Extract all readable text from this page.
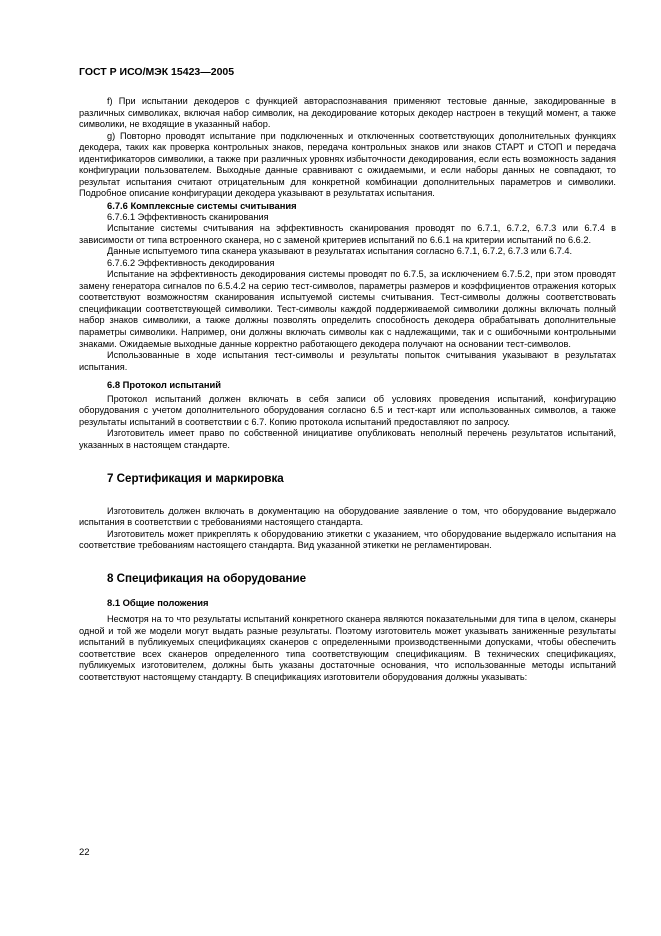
ГОСТ Р ИСО/МЭК 15423—2005

f) При испытании декодеров с функцией автораспознавания применяют тестовые данные, закодированные в различных символиках, включая набор символик, на декодирование которых декодер настроен в текущий момент, а также символики, не входящие в указанный набор.

g) Повторно проводят испытание при подключенных и отключенных соответствующих дополнительных функциях декодера, таких как проверка контрольных знаков, передача контрольных знаков или знаков СТАРТ и СТОП и передача идентификаторов символики, а также при различных уровнях избыточности декодирования, если есть возможность задания конфигурации пользователем. Выходные данные сравнивают с ожидаемыми, и если наборы данных не совпадают, то результат испытания считают отрицательным для конкретной комбинации дополнительных параметров и символики. Подробное описание конфигурации декодера указывают в результатах испытания.

6.7.6 Комплексные системы считывания

6.7.6.1 Эффективность сканирования

Испытание системы считывания на эффективность сканирования проводят по 6.7.1, 6.7.2, 6.7.3 или 6.7.4 в зависимости от типа встроенного сканера, но с заменой критериев испытаний по 6.6.1 на критерии испытаний по 6.6.2.

Данные испытуемого типа сканера указывают в результатах испытания согласно 6.7.1, 6.7.2, 6.7.3 или 6.7.4.

6.7.6.2 Эффективность декодирования

Испытание на эффективность декодирования системы проводят по 6.7.5, за исключением 6.7.5.2, при этом проводят замену генератора сигналов по 6.5.4.2 на серию тест-символов, параметры размеров и коэффициентов отражения которых соответствуют возможностям сканирования испытуемой системы считывания. Тест-символы должны соответствовать спецификации соответствующей символики. Тест-символы каждой поддерживаемой символики должны включать полный набор знаков символики, а также должны позволять определить способность декодера обрабатывать дополнительные параметры символики. Например, они должны включать символы как с надлежащими, так и с ошибочными контрольными знаками. Ожидаемые выходные данные корректно работающего декодера получают на основании тест-символов.

Использованные в ходе испытания тест-символы и результаты попыток считывания указывают в результатах испытания.

6.8 Протокол испытаний

Протокол испытаний должен включать в себя записи об условиях проведения испытаний, конфигурацию оборудования с учетом дополнительного оборудования согласно 6.5 и тест-карт или использованных символов, а также результаты испытаний в соответствии с 6.7. Копию протокола испытаний предоставляют по запросу.

Изготовитель имеет право по собственной инициативе опубликовать неполный перечень результатов испытаний, указанных в настоящем стандарте.

7 Сертификация и маркировка

Изготовитель должен включать в документацию на оборудование заявление о том, что оборудование выдержало испытания в соответствии с требованиями настоящего стандарта.

Изготовитель может прикреплять к оборудованию этикетки с указанием, что оборудование выдержало испытания на соответствие требованиям настоящего стандарта. Вид указанной этикетки не регламентирован.

8 Спецификация на оборудование

8.1 Общие положения

Несмотря на то что результаты испытаний конкретного сканера являются показательными для типа в целом, сканеры одной и той же модели могут выдать разные результаты. Поэтому изготовитель может указывать заниженные результаты испытаний в публикуемых спецификациях сканеров с определенными производственными допусками, чтобы обеспечить соответствие всех сканеров определенного типа соответствующим спецификациям. В технических спецификациях, публикуемых изготовителем, должны быть указаны достаточные основания, что использованные методы испытаний соответствуют настоящему стандарту. В спецификациях изготовители оборудования должны указывать:

22
